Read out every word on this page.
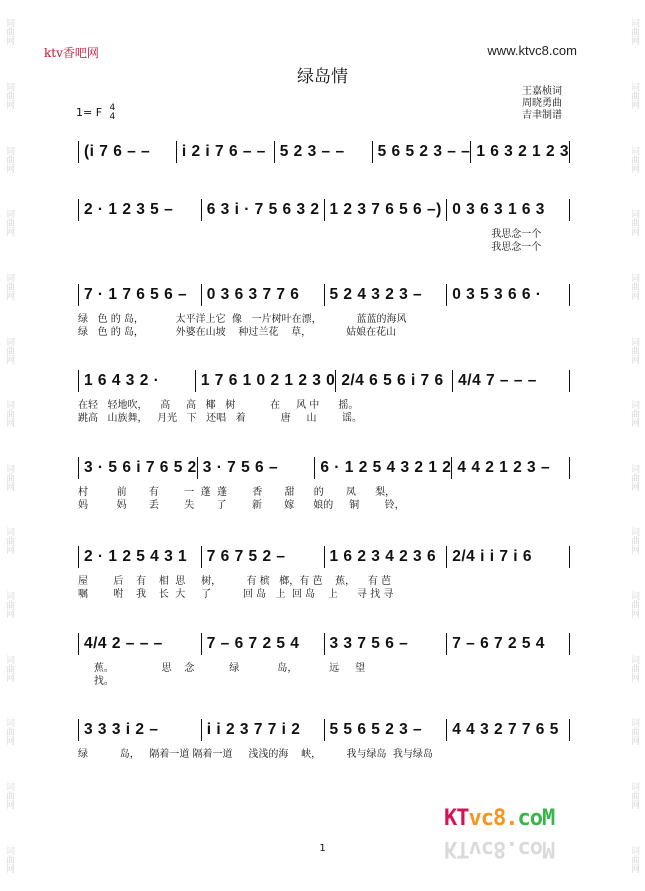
词曲网
词曲网
词曲网
词曲网
词曲网
词曲网
词曲网
词曲网
词曲网
词曲网
词曲网
词曲网
词曲网
词曲网
词曲网
词曲网
词曲网
词曲网
词曲网
词曲网
词曲网
词曲网
词曲网
词曲网
词曲网
词曲网
词曲网
词曲网
ktv香吧网	www.ktvc8.com
绿岛情
王嘉桢词
周晓勇曲
吉聿制谱
1= F 4
4
(i 7 6 – –	i 2 i 7 6 – – 5 2 3 – –	5 6 5 2 3 – – 1 6 3 2 1 2 3
2 · 1 2 3 5 –	6 3 i · 7 5 6 3 2 1 2 3 7 6 5 6 –) 0 3 6 3 1 6 3
我思念一个
我思念一个
7 · 1 7 6 5 6 –	0 3 6 3 7 7 6	5 2 4 3 2 3 –	0 3 5 3 6 6 ·
绿   色 的 岛，          太平洋上它  像   一片树叶在漂，           蓝蓝的海风
绿   色 的 岛，          外婆在山坡    种过兰花    草，           姑娘在花山
1 6 4 3 2 ·	1 7 6 1 0 2 1 2 3 0 2/4 6 5 6 i 7 6 4/4 7 – – –
在轻   轻地吹，    高     高   椰   树           在     风 中      摇。
跳高   山族舞，   月光   下   还唱   着           唐     山        谣。
3 · 5 6 i 7 6 5 2 3 · 7 5 6 –	6 · 1 2 5 4 3 2 1 2 4 4 2 1 2 3 –
村         前       有        一  蓬  蓬        香       甜      的       凤      梨，
妈         妈       丢        失       了        新       嫁      娘的     铜        铃，
2 · 1 2 5 4 3 1	7 6 7 5 2 –	1 6 2 3 4 2 3 6	2/4 i i 7 i 6
屋        后    有    相  思     树，        有 槟   榔，有 芭    蕉，    有 芭
嘱        咐    我    长  大     了          回 岛   上  回 岛    上      寻 找 寻
4/4 2 – – –	7 – 6 7 2 5 4	3 3 7 5 6 –	7 – 6 7 2 5 4
蕉。               思    念           绿            岛，          远     望
找。
3 3 3 i 2 –	i i 2 3 7 7 i 2	5 5 6 5 2 3 –	4 4 3 2 7 7 6 5
绿          岛，   隔着一道 隔着一道     浅浅的海    峡，        我与绿岛  我与绿岛
1
KTvc8.coM
KTvc8.coM
